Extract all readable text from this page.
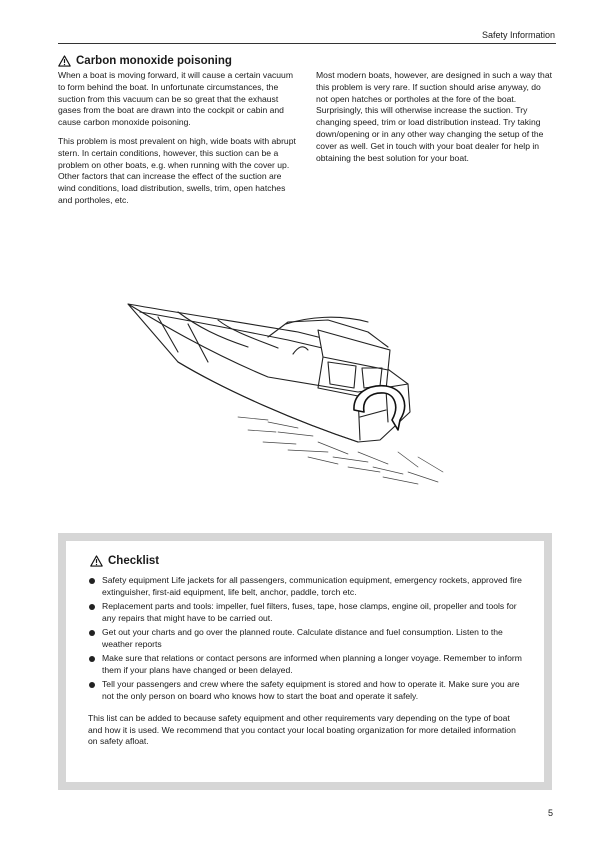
Safety Information
Carbon monoxide poisoning

When a boat is moving forward, it will cause a certain vacuum to form behind the boat. In unfortunate circumstances, the suction from this vacuum can be so great that the exhaust gases from the boat are drawn into the cockpit or cabin and cause carbon monoxide poisoning.

This problem is most prevalent on high, wide boats with abrupt stern. In certain conditions, however, this suction can be a problem on other boats, e.g. when running with the cover up. Other factors that can increase the effect of the suction are wind conditions, load distribution, swells, trim, open hatches and portholes, etc.

Most modern boats, however, are designed in such a way that this problem is very rare. If suction should arise anyway, do not open hatches or portholes at the fore of the boat. Surprisingly, this will otherwise increase the suction. Try changing speed, trim or load distribution instead. Try taking down/opening or in any other way changing the setup of the cover as well. Get in touch with your boat dealer for help in obtaining the best solution for your boat.

Checklist
Safety equipment Life jackets for all passengers, communication equipment, emergency rockets, approved fire extinguisher, first-aid equipment, life belt, anchor, paddle, torch etc.
Replacement parts and tools: impeller, fuel filters, fuses, tape, hose clamps, engine oil, propeller and tools for any repairs that might have to be carried out.
Get out your charts and go over the planned route. Calculate distance and fuel consumption. Listen to the weather reports
Make sure that relations or contact persons are informed when planning a longer voyage. Remember to inform them if your plans have changed or been delayed.
Tell your passengers and crew where the safety equipment is stored and how to operate it. Make sure you are not the only person on board who knows how to start the boat and operate it safely.
This list can be added to because safety equipment and other requirements vary depending on the type of boat and how it is used. We recommend that you contact your local boating organization for more detailed information on safety afloat.
5
